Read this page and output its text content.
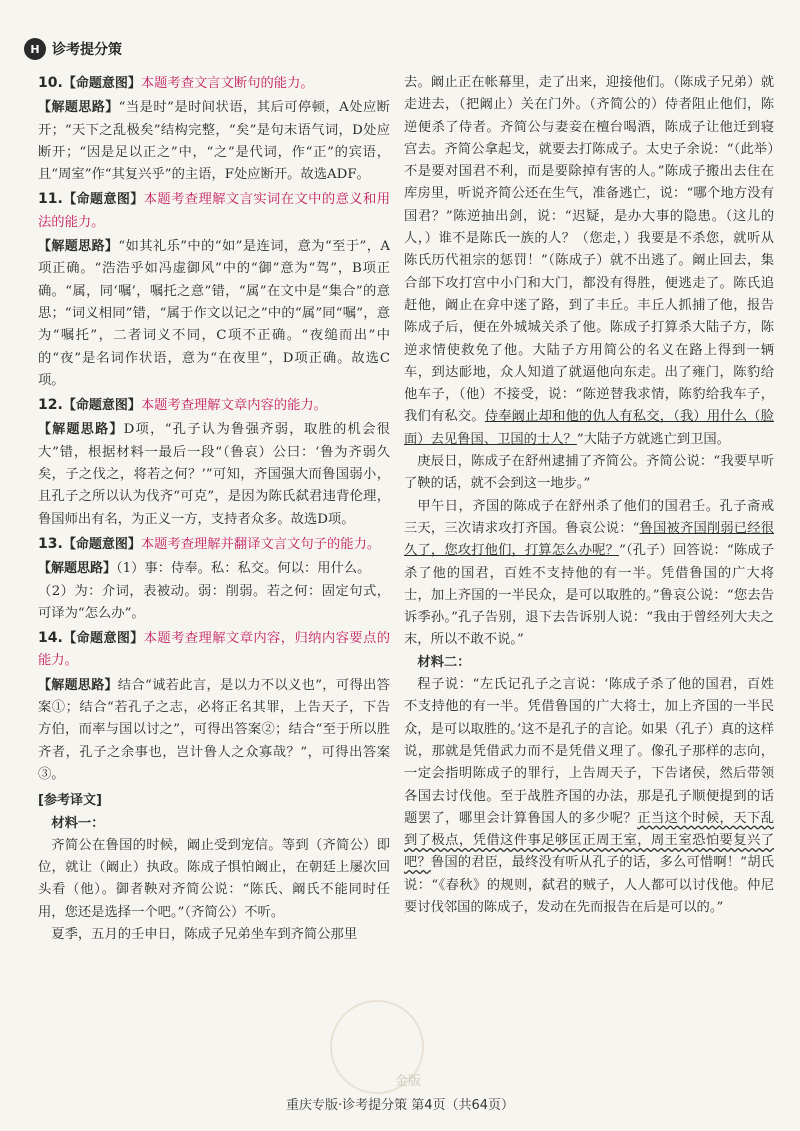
H 诊考提分策

10.【命题意图】本题考查文言文断句的能力。

【解题思路】“当是时”是时间状语，其后可停顿，A处应断开；“天下之乱极矣”结构完整，“矣”是句末语气词，D处应断开；“因是足以正之”中，“之”是代词，作“正”的宾语，且“周室”作“其复兴乎”的主语，F处应断开。故选ADF。

11.【命题意图】本题考查理解文言实词在文中的意义和用法的能力。

【解题思路】“如其礼乐”中的“如”是连词，意为“至于”，A项正确。“浩浩乎如冯虚御风”中的“御”意为“驾”，B项正确。“属，同‘嘱’，嘱托之意”错，“属”在文中是“集合”的意思；“词义相同”错，“属于作文以记之”中的“属”同“嘱”，意为“嘱托”，二者词义不同，C项不正确。“夜缒而出”中的“夜”是名词作状语，意为“在夜里”，D项正确。故选C项。

12.【命题意图】本题考查理解文章内容的能力。

【解题思路】D项，“孔子认为鲁强齐弱，取胜的机会很大”错，根据材料一最后一段“（鲁哀）公曰：‘鲁为齐弱久矣，子之伐之，将若之何？’”可知，齐国强大而鲁国弱小，且孔子之所以认为伐齐“可克”，是因为陈氏弑君违背伦理，鲁国师出有名，为正义一方，支持者众多。故选D项。

13.【命题意图】本题考查理解并翻译文言文句子的能力。

【解题思路】（1）事：侍奉。私：私交。何以：用什么。

（2）为：介词，表被动。弱：削弱。若之何：固定句式，可译为“怎么办”。

14.【命题意图】本题考查理解文章内容，归纳内容要点的能力。

【解题思路】结合“诚若此言，是以力不以义也”，可得出答案①；结合“若孔子之志，必将正名其罪，上告天子，下告方伯，而率与国以讨之”，可得出答案②；结合“至于所以胜齐者，孔子之余事也，岂计鲁人之众寡哉？”，可得出答案③。

[参考译文]

材料一：

齐简公在鲁国的时候，阚止受到宠信。等到（齐简公）即位，就让（阚止）执政。陈成子惧怕阚止，在朝廷上屡次回头看（他）。御者鞅对齐简公说：“陈氏、阚氏不能同时任用，您还是选择一个吧。”（齐简公）不听。

夏季，五月的壬申日，陈成子兄弟坐车到齐简公那里

去。阚止正在帐幕里，走了出来，迎接他们。（陈成子兄弟）就走进去，（把阚止）关在门外。（齐简公的）侍者阻止他们，陈逆便杀了侍者。齐简公与妻妾在檀台喝酒，陈成子让他迁到寝宫去。齐简公拿起戈，就要去打陈成子。太史子余说：“（此举）不是要对国君不利，而是要除掉有害的人。”陈成子搬出去住在库房里，听说齐简公还在生气，准备逃亡，说：“哪个地方没有国君？”陈逆抽出剑，说：“迟疑，是办大事的隐患。（这儿的人，）谁不是陈氏一族的人？（您走，）我要是不杀您，就听从陈氏历代祖宗的惩罚！”（陈成子）就不出逃了。阚止回去，集合部下攻打宫中小门和大门，都没有得胜，便逃走了。陈氏追赶他，阚止在弇中迷了路，到了丰丘。丰丘人抓捕了他，报告陈成子后，便在外城城关杀了他。陈成子打算杀大陆子方，陈逆求情使救免了他。大陆子方用简公的名义在路上得到一辆车，到达耏地，众人知道了就逼他向东走。出了雍门，陈豹给他车子，（他）不接受，说：“陈逆替我求情，陈豹给我车子，我们有私交。侍奉阚止却和他的仇人有私交，（我）用什么（脸面）去见鲁国、卫国的士人？”大陆子方就逃亡到卫国。

庚辰日，陈成子在舒州逮捕了齐简公。齐简公说：“我要早听了鞅的话，就不会到这一地步。”

甲午日，齐国的陈成子在舒州杀了他们的国君壬。孔子斋戒三天，三次请求攻打齐国。鲁哀公说：“鲁国被齐国削弱已经很久了，您攻打他们，打算怎么办呢？”（孔子）回答说：“陈成子杀了他的国君，百姓不支持他的有一半。凭借鲁国的广大将士，加上齐国的一半民众，是可以取胜的。”鲁哀公说：“您去告诉季孙。”孔子告别，退下去告诉别人说：“我由于曾经列大夫之末，所以不敢不说。”

材料二：

程子说：“左氏记孔子之言说：‘陈成子杀了他的国君，百姓不支持他的有一半。凭借鲁国的广大将士，加上齐国的一半民众，是可以取胜的。’这不是孔子的言论。如果（孔子）真的这样说，那就是凭借武力而不是凭借义理了。像孔子那样的志向，一定会指明陈成子的罪行，上告周天子，下告诸侯，然后带领各国去讨伐他。至于战胜齐国的办法，那是孔子顺便提到的话题罢了，哪里会计算鲁国人的多少呢？正当这个时候，天下乱到了极点，凭借这件事足够匡正周王室，周王室恐怕要复兴了吧？鲁国的君臣，最终没有听从孔子的话，多么可惜啊！”胡氏说：“《春秋》的规则，弑君的贼子，人人都可以讨伐他。仲尼要讨伐邻国的陈成子，发动在先而报告在后是可以的。”

金版
重庆专版·诊考提分策 第4页（共64页）
